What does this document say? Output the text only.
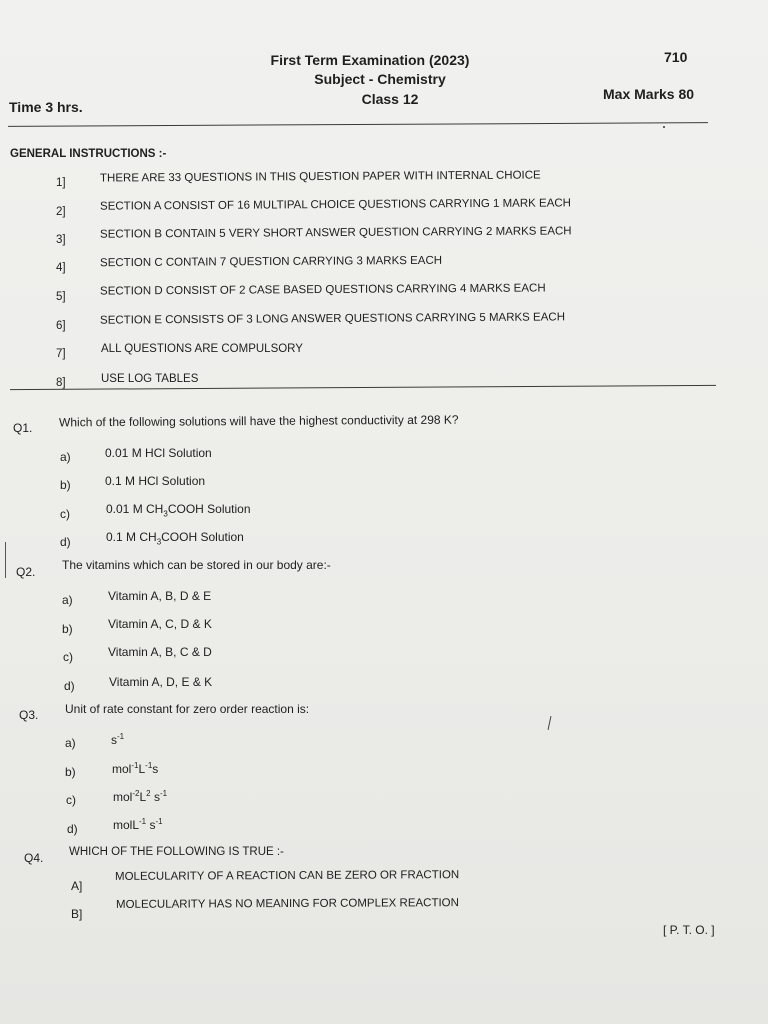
First Term Examination (2023)
Subject - Chemistry
Class 12
710
Time 3 hrs.
Max Marks 80
GENERAL INSTRUCTIONS :-
1]	THERE ARE 33 QUESTIONS IN THIS QUESTION PAPER WITH INTERNAL CHOICE
2]	SECTION A CONSIST OF 16 MULTIPAL CHOICE QUESTIONS CARRYING 1 MARK EACH
3]	SECTION B CONTAIN 5 VERY SHORT ANSWER QUESTION CARRYING 2 MARKS EACH
4]	SECTION C CONTAIN 7 QUESTION CARRYING 3 MARKS EACH
5]	SECTION D CONSIST OF 2 CASE BASED QUESTIONS CARRYING 4 MARKS EACH
6]	SECTION E CONSISTS OF 3 LONG ANSWER QUESTIONS CARRYING 5 MARKS EACH
7]	ALL QUESTIONS ARE COMPULSORY
8]	USE LOG TABLES
Q1. Which of the following solutions will have the highest conductivity at 298 K?
a)	0.01 M HCl Solution
b)	0.1 M HCl Solution
c)	0.01 M $CH_3COOH$ Solution
d)	0.1 M $CH_3COOH$ Solution
Q2. The vitamins which can be stored in our body are:-
a)	Vitamin A, B, D & E
b)	Vitamin A, C, D & K
c)	Vitamin A, B, C & D
d)	Vitamin A, D, E & K
Q3. Unit of rate constant for zero order reaction is:
a)	$s^{-1}$
b)	$mol^{-1}L^{-1}s$
c)	$mol^{-2}L^2$ $s^{-1}$
d)	molL$^{-1}$ $s^{-1}$
Q4. WHICH OF THE FOLLOWING IS TRUE :-
A]
MOLECULARITY OF A REACTION CAN BE ZERO OR FRACTION
B]
MOLECULARITY HAS NO MEANING FOR COMPLEX REACTION
[ P. T. O. ]
